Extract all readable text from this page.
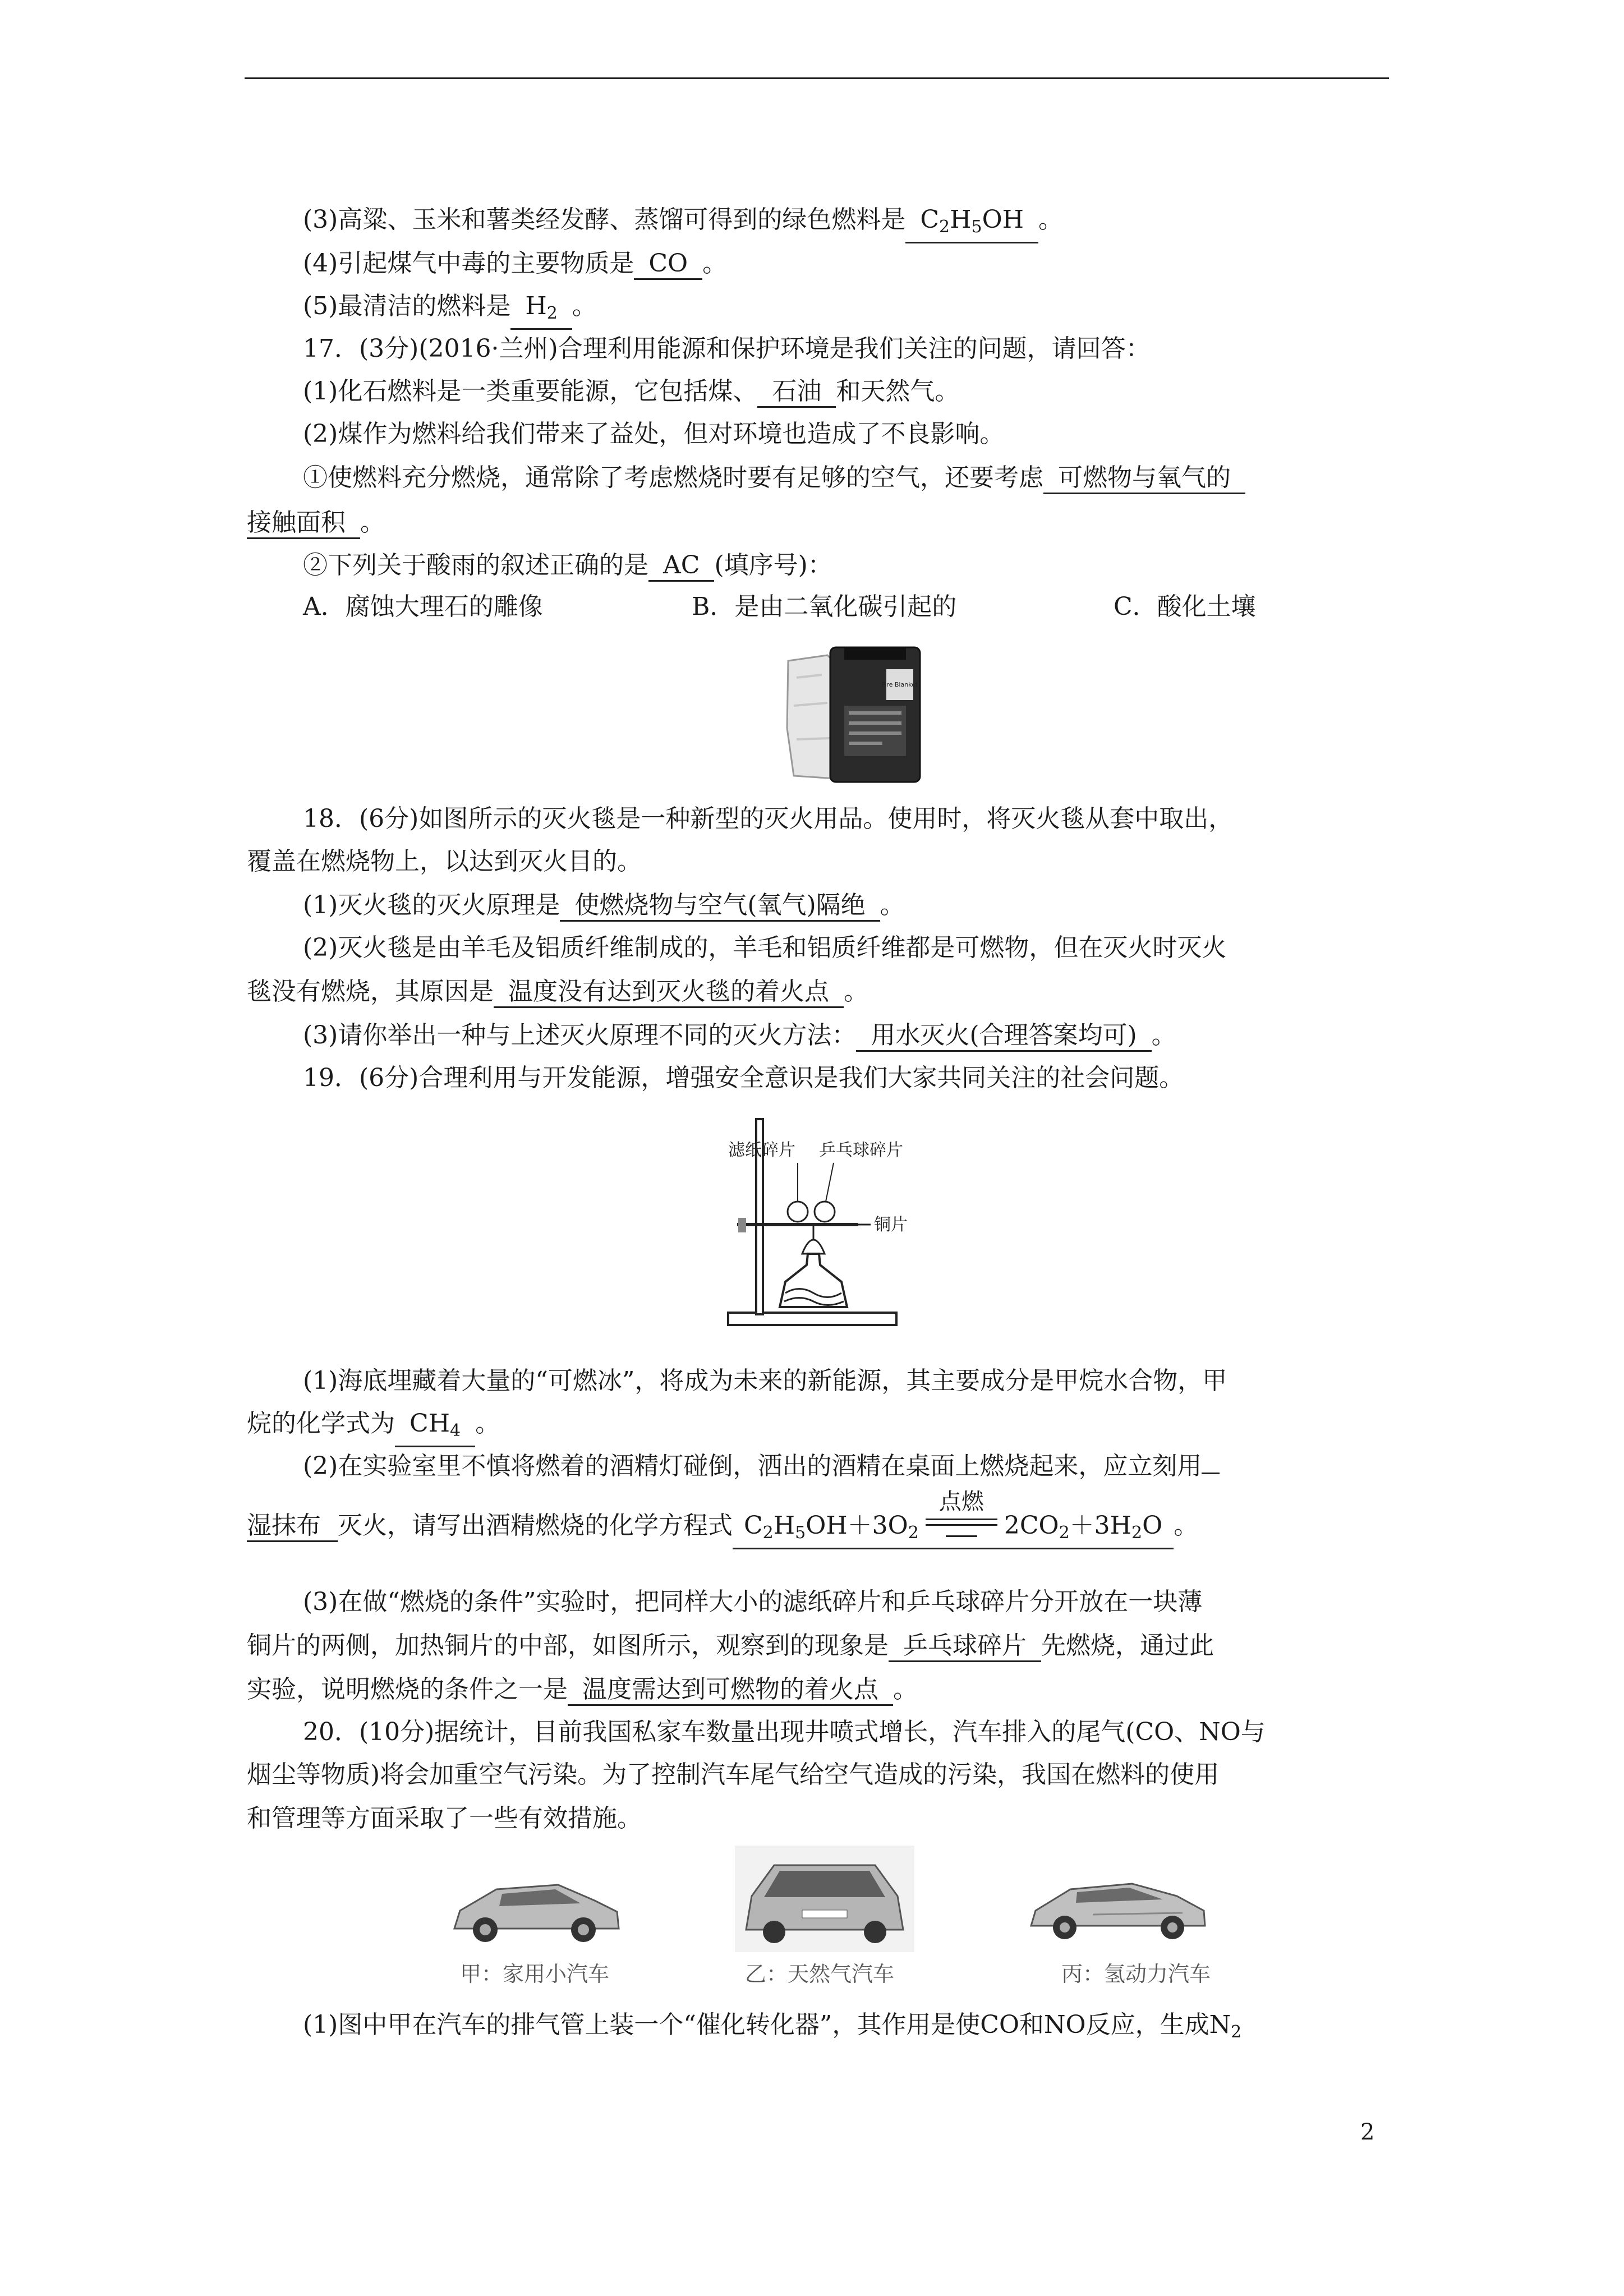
(3)高粱、玉米和薯类经发酵、蒸馏可得到的绿色燃料是 $C_2H_5OH$ 。
(4)引起煤气中毒的主要物质是 CO 。
(5)最清洁的燃料是 $H_2$ 。
17．(3分)(2016·兰州)合理利用能源和保护环境是我们关注的问题，请回答：
(1)化石燃料是一类重要能源，它包括煤、 石油 和天然气。
(2)煤作为燃料给我们带来了益处，但对环境也造成了不良影响。
①使燃料充分燃烧，通常除了考虑燃烧时要有足够的空气，还要考虑 可燃物与氧气的
接触面积 。
②下列关于酸雨的叙述正确的是 AC (填序号)：
A．腐蚀大理石的雕像	B．是由二氧化碳引起的	C．酸化土壤
Fire Blanket
18．(6分)如图所示的灭火毯是一种新型的灭火用品。使用时，将灭火毯从套中取出，
覆盖在燃烧物上，以达到灭火目的。
(1)灭火毯的灭火原理是 使燃烧物与空气(氧气)隔绝 。
(2)灭火毯是由羊毛及铝质纤维制成的，羊毛和铝质纤维都是可燃物，但在灭火时灭火
毯没有燃烧，其原因是 温度没有达到灭火毯的着火点 。
(3)请你举出一种与上述灭火原理不同的灭火方法： 用水灭火(合理答案均可) 。
19．(6分)合理利用与开发能源，增强安全意识是我们大家共同关注的社会问题。
滤纸碎片 乒乓球碎片
铜片
(1)海底埋藏着大量的“可燃冰”，将成为未来的新能源，其主要成分是甲烷水合物，甲
烷的化学式为 $CH_4$ 。
(2)在实验室里不慎将燃着的酒精灯碰倒，洒出的酒精在桌面上燃烧起来，应立刻用
湿抹布 灭火，请写出酒精燃烧的化学方程式 $C_2H_5OH+3O_2$
点燃
$2CO_2+3H_2O$ 。
(3)在做“燃烧的条件”实验时，把同样大小的滤纸碎片和乒乓球碎片分开放在一块薄
铜片的两侧，加热铜片的中部，如图所示，观察到的现象是 乒乓球碎片 先燃烧，通过此
实验，说明燃烧的条件之一是 温度需达到可燃物的着火点 。
20．(10分)据统计，目前我国私家车数量出现井喷式增长，汽车排入的尾气(CO、NO与
烟尘等物质)将会加重空气污染。为了控制汽车尾气给空气造成的污染，我国在燃料的使用
和管理等方面采取了一些有效措施。
甲：家用小汽车	乙：天然气汽车	丙：氢动力汽车
(1)图中甲在汽车的排气管上装一个“催化转化器”，其作用是使CO和NO反应，生成$N_2$
2
